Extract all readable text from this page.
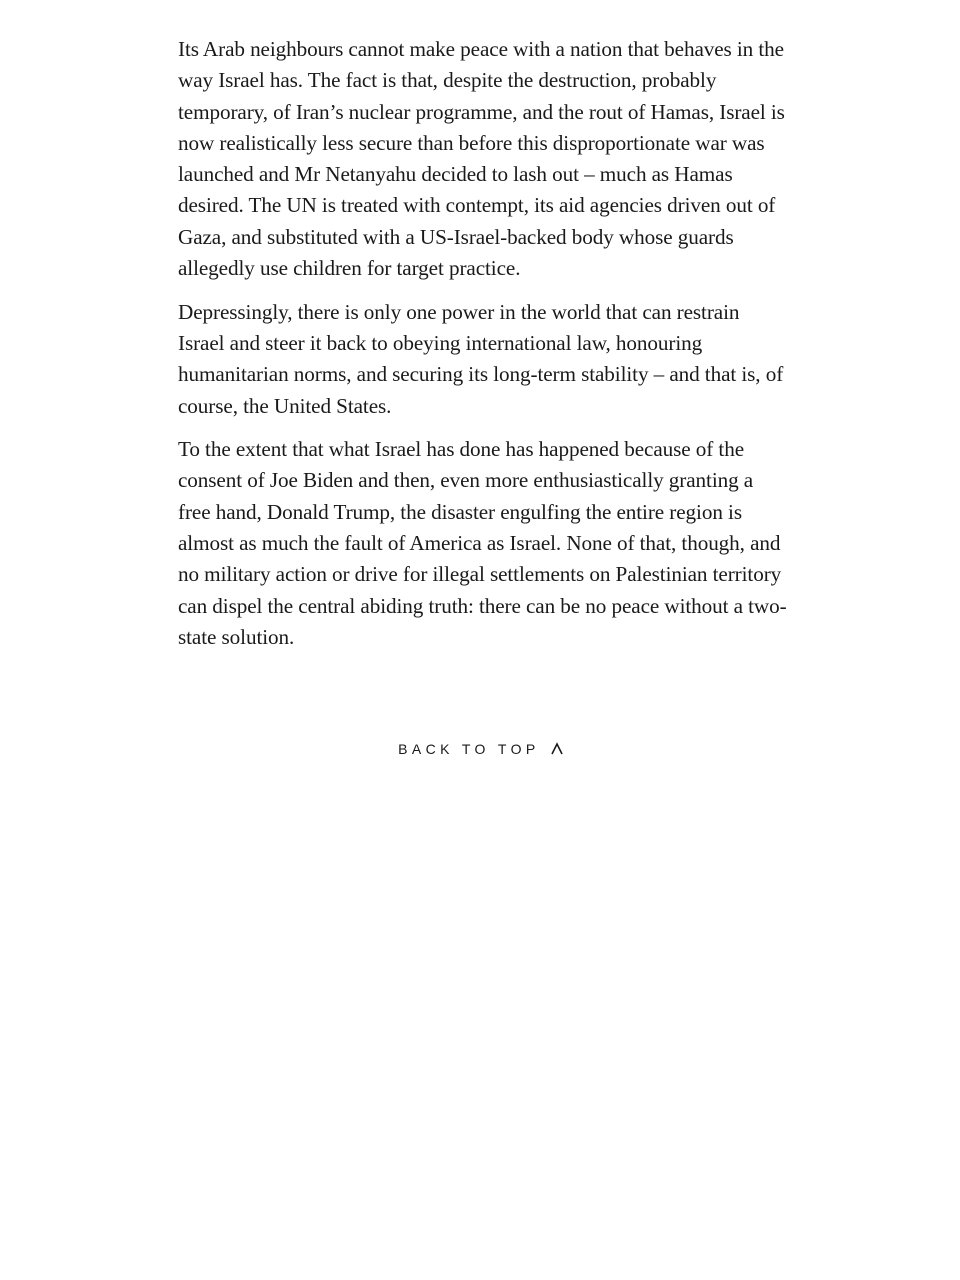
Its Arab neighbours cannot make peace with a nation that behaves in the way Israel has. The fact is that, despite the destruction, probably temporary, of Iran’s nuclear programme, and the rout of Hamas, Israel is now realistically less secure than before this disproportionate war was launched and Mr Netanyahu decided to lash out – much as Hamas desired. The UN is treated with contempt, its aid agencies driven out of Gaza, and substituted with a US-Israel-backed body whose guards allegedly use children for target practice.

Depressingly, there is only one power in the world that can restrain Israel and steer it back to obeying international law, honouring humanitarian norms, and securing its long-term stability – and that is, of course, the United States.

To the extent that what Israel has done has happened because of the consent of Joe Biden and then, even more enthusiastically granting a free hand, Donald Trump, the disaster engulfing the entire region is almost as much the fault of America as Israel. None of that, though, and no military action or drive for illegal settlements on Palestinian territory can dispel the central abiding truth: there can be no peace without a two-state solution.

BACK TO TOP
